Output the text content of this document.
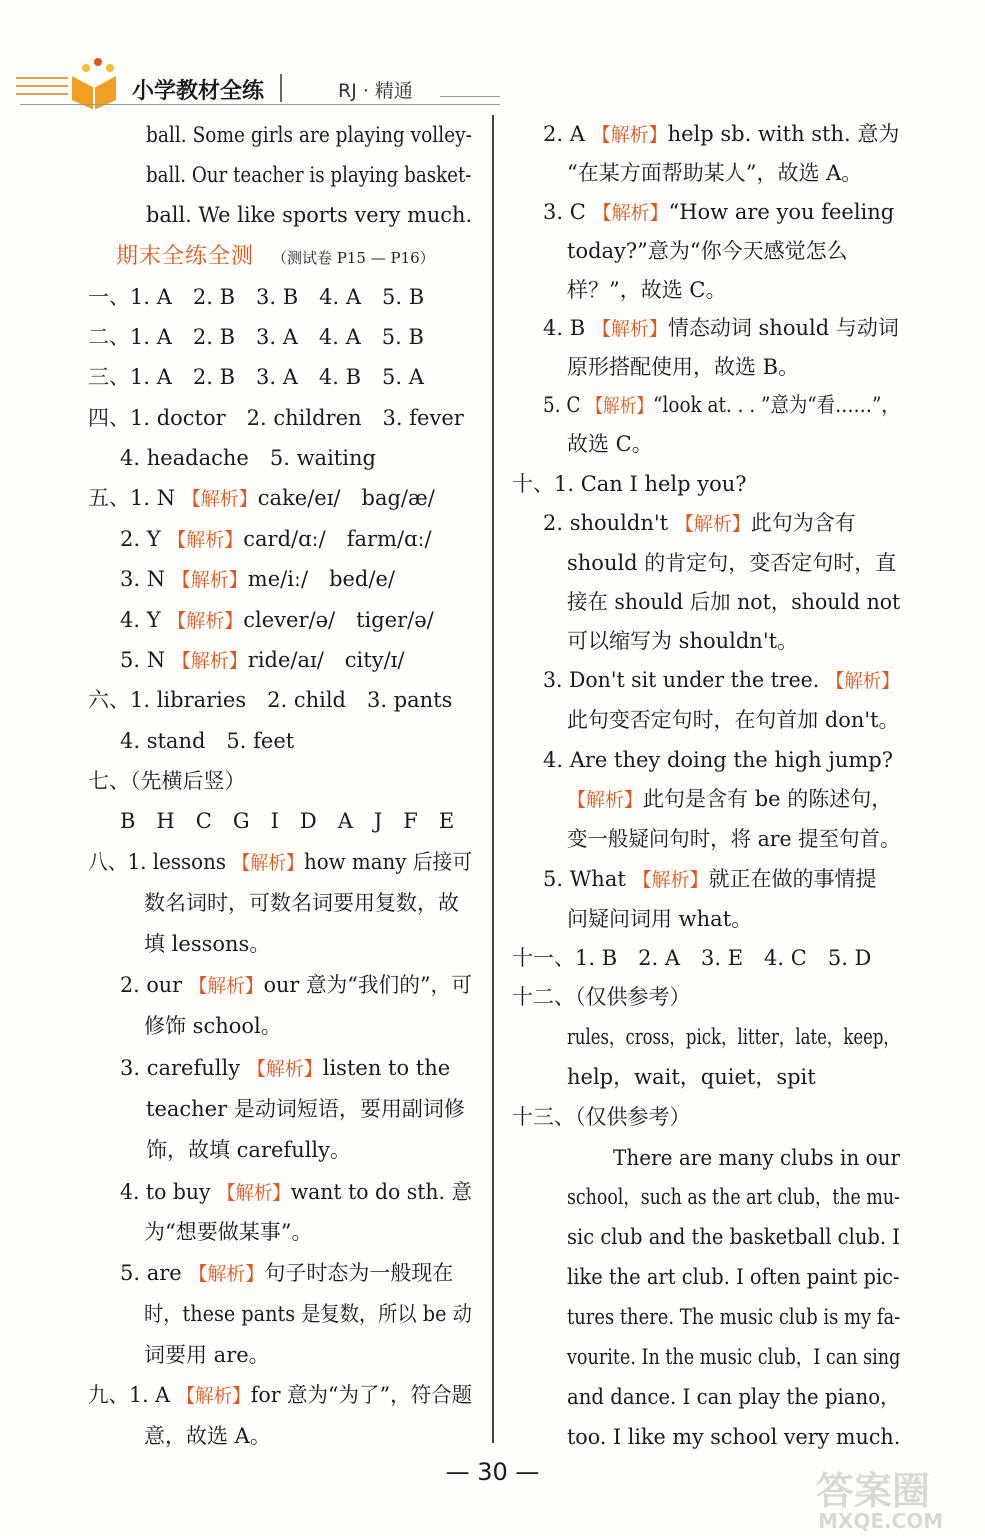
小学教材全练	RJ · 精通
ball. Some girls are playing volley-
ball. Our teacher is playing basket-
ball. We like sports very much.
期末全练全测 （测试卷 P15 — P16）
一、1. A　2. B　3. B　4. A　5. B
二、1. A　2. B　3. A　4. A　5. B
三、1. A　2. B　3. A　4. B　5. A
四、1. doctor　2. children　3. fever
4. headache　5. waiting
五、1. N 【解析】cake/eɪ/　bag/æ/
2. Y 【解析】card/ɑː/　farm/ɑː/
3. N 【解析】me/iː/　bed/e/
4. Y 【解析】clever/ə/　tiger/ə/
5. N 【解析】ride/aɪ/　city/ɪ/
六、1. libraries　2. child　3. pants
4. stand　5. feet
七、（先横后竖）
B　H　C　G　I　D　A　J　F　E
八、1. lessons 【解析】how many 后接可
数名词时，可数名词要用复数，故
填 lessons。
2. our 【解析】our 意为“我们的”，可
修饰 school。
3. carefully 【解析】listen to the
teacher 是动词短语，要用副词修
饰，故填 carefully。
4. to buy 【解析】want to do sth. 意
为“想要做某事”。
5. are 【解析】句子时态为一般现在
时，these pants 是复数，所以 be 动
词要用 are。
九、1. A 【解析】for 意为“为了”，符合题
意，故选 A。
2. A 【解析】help sb. with sth. 意为
“在某方面帮助某人”，故选 A。
3. C 【解析】“How are you feeling
today?”意为“你今天感觉怎么
样？”，故选 C。
4. B 【解析】情态动词 should 与动词
原形搭配使用，故选 B。
5. C 【解析】“look at. . . ”意为“看……”，
故选 C。
十、1. Can I help you?
2. shouldn't 【解析】此句为含有
should 的肯定句，变否定句时，直
接在 should 后加 not，should not
可以缩写为 shouldn't。
3. Don't sit under the tree. 【解析】
此句变否定句时，在句首加 don't。
4. Are they doing the high jump?
【解析】此句是含有 be 的陈述句，
变一般疑问句时，将 are 提至句首。
5. What 【解析】就正在做的事情提
问疑问词用 what。
十一、1. B　2. A　3. E　4. C　5. D
十二、（仅供参考）
rules，cross，pick，litter，late，keep，
help，wait，quiet，spit
十三、（仅供参考）
There are many clubs in our
school，such as the art club，the mu-
sic club and the basketball club. I
like the art club. I often paint pic-
tures there. The music club is my fa-
vourite. In the music club，I can sing
and dance. I can play the piano，
too. I like my school very much.
— 30 —	答案圈
MXQE.COM
